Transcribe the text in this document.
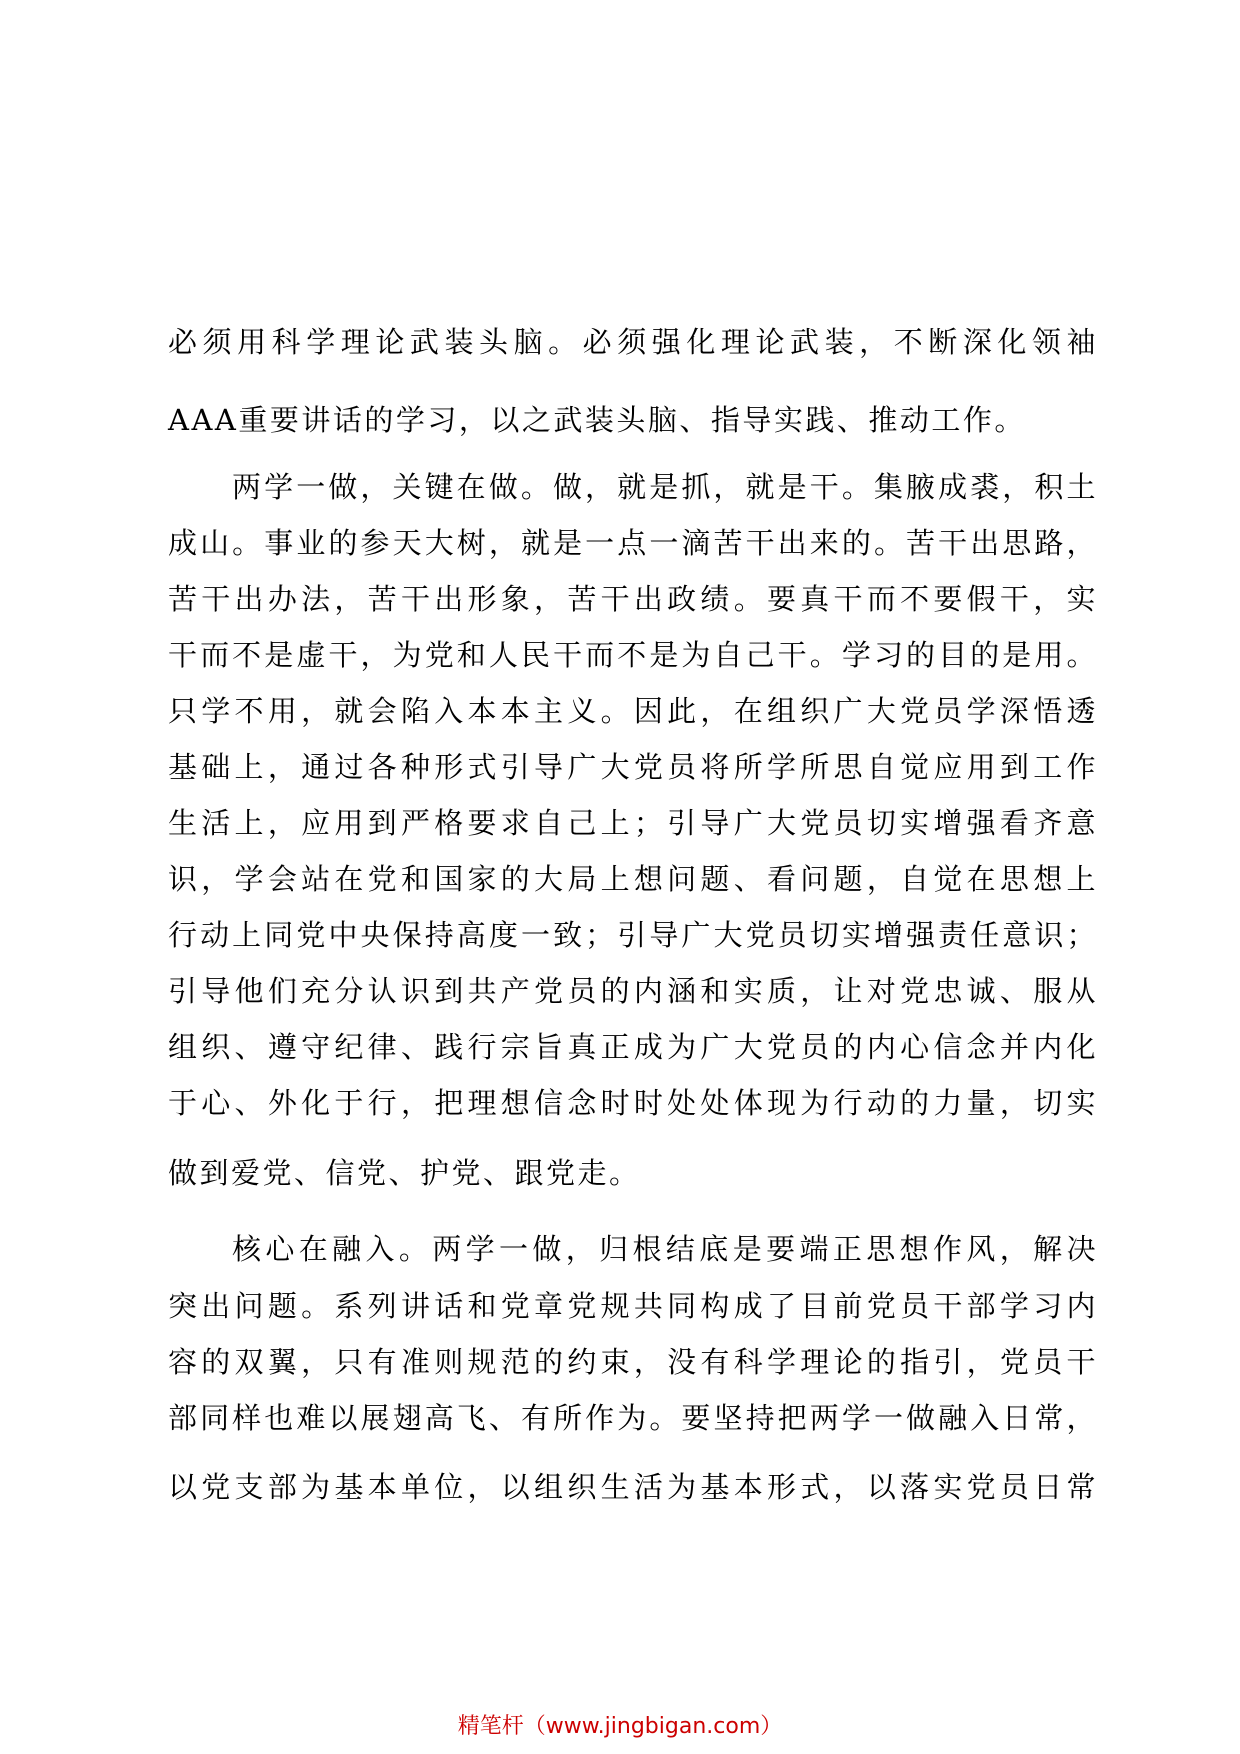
必须用科学理论武装头脑。必须强化理论武装，不断深化领袖
AAA重要讲话的学习，以之武装头脑、指导实践、推动工作。
两学一做，关键在做。做，就是抓，就是干。集腋成裘，积土
成山。事业的参天大树，就是一点一滴苦干出来的。苦干出思路，
苦干出办法，苦干出形象，苦干出政绩。要真干而不要假干，实
干而不是虚干，为党和人民干而不是为自己干。学习的目的是用。
只学不用，就会陷入本本主义。因此，在组织广大党员学深悟透
基础上，通过各种形式引导广大党员将所学所思自觉应用到工作
生活上，应用到严格要求自己上；引导广大党员切实增强看齐意
识，学会站在党和国家的大局上想问题、看问题，自觉在思想上
行动上同党中央保持高度一致；引导广大党员切实增强责任意识；
引导他们充分认识到共产党员的内涵和实质，让对党忠诚、服从
组织、遵守纪律、践行宗旨真正成为广大党员的内心信念并内化
于心、外化于行，把理想信念时时处处体现为行动的力量，切实
做到爱党、信党、护党、跟党走。
核心在融入。两学一做，归根结底是要端正思想作风，解决
突出问题。系列讲话和党章党规共同构成了目前党员干部学习内
容的双翼，只有准则规范的约束，没有科学理论的指引，党员干
部同样也难以展翅高飞、有所作为。要坚持把两学一做融入日常，
以党支部为基本单位，以组织生活为基本形式，以落实党员日常
精笔杆（www.jingbigan.com）
